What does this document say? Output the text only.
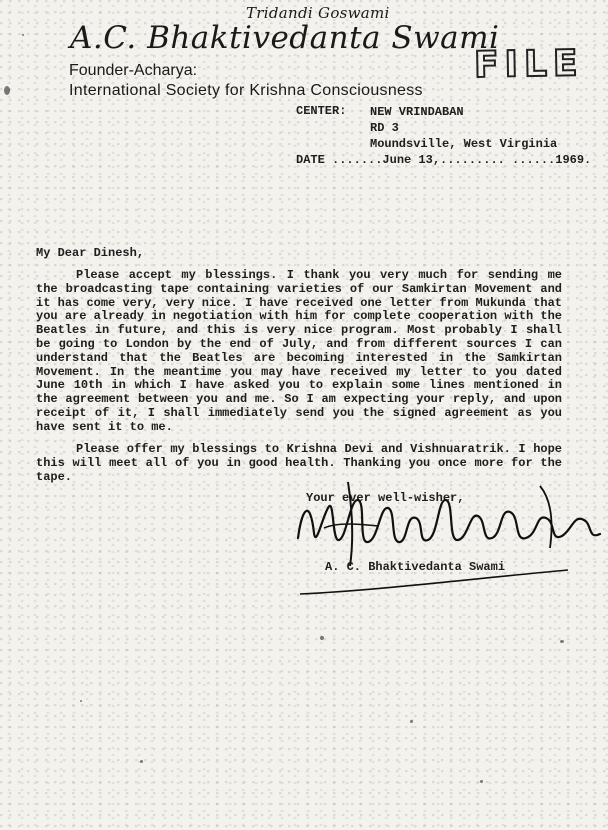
Tridandi Goswami
A.C. Bhaktivedanta Swami
FILE
Founder-Acharya:
International Society for Krishna Consciousness
CENTER: NEW VRINDABAN
RD 3
Moundsville, West Virginia
DATE .......June 13,......... ......1969.
My Dear Dinesh,
Please accept my blessings. I thank you very much for sending me the broadcasting tape containing varieties of our Samkirtan Movement and it has come very, very nice. I have received one letter from Mukunda that you are already in negotiation with him for complete cooperation with the Beatles in future, and this is very nice program. Most probably I shall be going to London by the end of July, and from different sources I can understand that the Beatles are becoming interested in the Samkirtan Movement. In the meantime you may have received my letter to you dated June 10th in which I have asked you to explain some lines mentioned in the agreement between you and me. So I am expecting your reply, and upon receipt of it, I shall immediately send you the signed agreement as you have sent it to me.
Please offer my blessings to Krishna Devi and Vishnuaratrik. I hope this will meet all of you in good health. Thanking you once more for the tape.
Your ever well-wisher,
A. C. Bhaktivedanta Swami
